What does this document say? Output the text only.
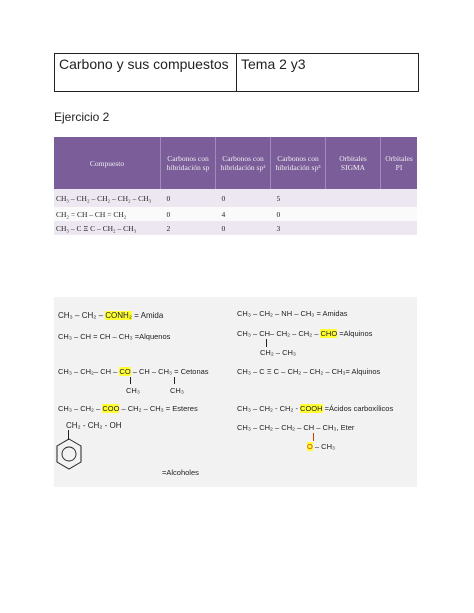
Carbono y sus compuestos Tema 2 y3
Ejercicio 2
Compuesto	Carbonos con hibridación sp	Carbonos con hibridación sp²	Carbonos con hibridación sp³	Orbitales SIGMA	Orbitales PI
CH₃ – CH₂ – CH₂ – CH₂ – CH₃	0	0	5		
CH₂ = CH – CH = CH₂	0	4	0		
CH₃ – C Ξ C – CH₂ – CH₃	2	0	3		
CH₃ – CH₂ – CONH₂ = Amida
CH₃ – CH = CH – CH₃ =Alquenos
CH₃ – CH₂– CH – CO – CH – CH₃ = Cetonas
CH₃	CH₃
CH₃ – CH₂ – COO – CH₂ – CH₃ = Esteres
CH₂ - CH₂ - OH
=Alcoholes
CH₃ – CH₂ – NH – CH₃ = Amidas
CH₃ – CH– CH₂ – CH₂ – CHO =Alquinos
CH₂ – CH₃
CH₃ – C Ξ C – CH₂ – CH₂ – CH₃= Alquinos
CH₃ – CH₂ - CH₂ - COOH =Ácidos carboxílicos
CH₃ – CH₂ – CH₂ – CH – CH₃, Eter
O – CH₃
